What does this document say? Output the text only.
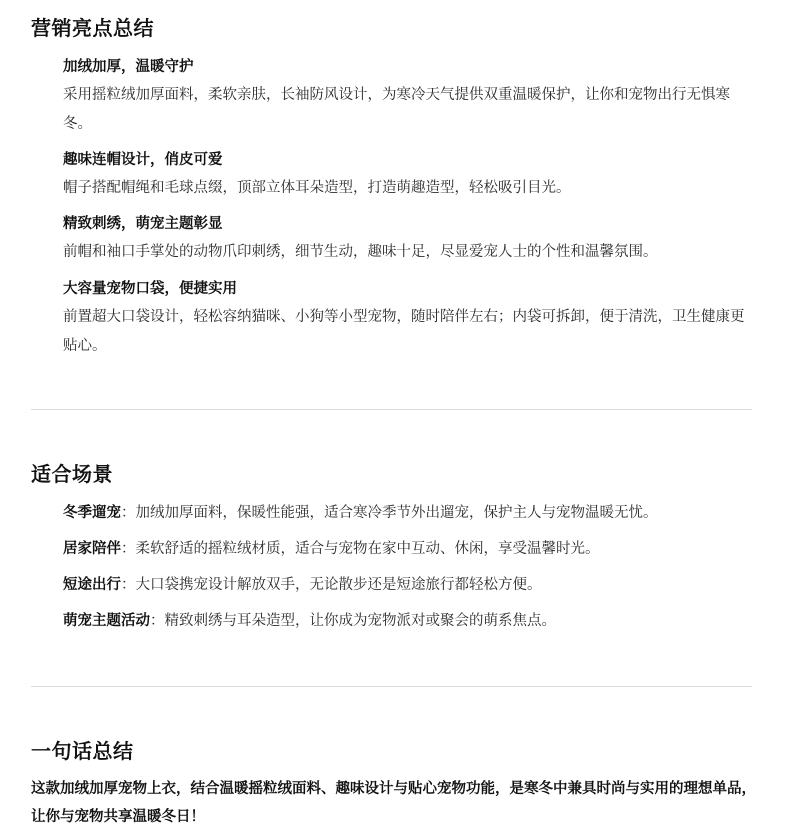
营销亮点总结

加绒加厚，温暖守护

采用摇粒绒加厚面料，柔软亲肤，长袖防风设计，为寒冷天气提供双重温暖保护，让你和宠物出行无惧寒冬。

趣味连帽设计，俏皮可爱

帽子搭配帽绳和毛球点缀，顶部立体耳朵造型，打造萌趣造型，轻松吸引目光。

精致刺绣，萌宠主题彰显

前帽和袖口手掌处的动物爪印刺绣，细节生动，趣味十足，尽显爱宠人士的个性和温馨氛围。

大容量宠物口袋，便捷实用

前置超大口袋设计，轻松容纳猫咪、小狗等小型宠物，随时陪伴左右；内袋可拆卸，便于清洗，卫生健康更贴心。

适合场景
冬季遛宠：加绒加厚面料，保暖性能强，适合寒冷季节外出遛宠，保护主人与宠物温暖无忧。
居家陪伴：柔软舒适的摇粒绒材质，适合与宠物在家中互动、休闲，享受温馨时光。
短途出行：大口袋携宠设计解放双手，无论散步还是短途旅行都轻松方便。
萌宠主题活动：精致刺绣与耳朵造型，让你成为宠物派对或聚会的萌系焦点。
一句话总结

这款加绒加厚宠物上衣，结合温暖摇粒绒面料、趣味设计与贴心宠物功能，是寒冬中兼具时尚与实用的理想单品，让你与宠物共享温暖冬日！
